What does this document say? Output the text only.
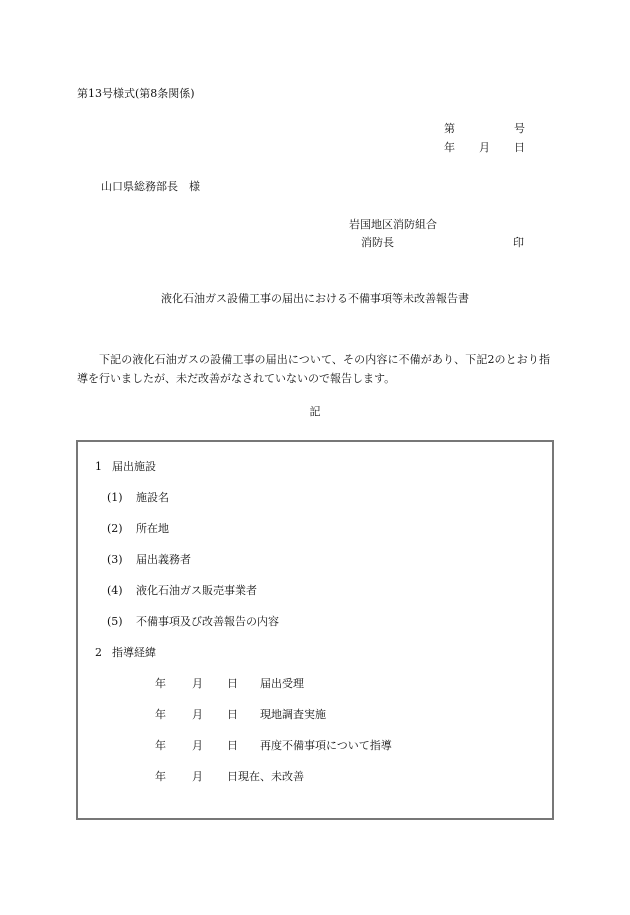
第13号様式(第8条関係)
第	号
年 月 日
山口県総務部長　様
岩国地区消防組合
消防長	印
液化石油ガス設備工事の届出における不備事項等未改善報告書
下記の液化石油ガスの設備工事の届出について、その内容に不備があり、下記2のとおり指導を行いましたが、未だ改善がなされていないので報告します。
記
1 届出施設
(1) 施設名
(2) 所在地
(3) 届出義務者
(4) 液化石油ガス販売事業者
(5) 不備事項及び改善報告の内容
2 指導経緯
年 月 日 届出受理
年 月 日 現地調査実施
年 月 日 再度不備事項について指導
年 月 日現在、 未改善
